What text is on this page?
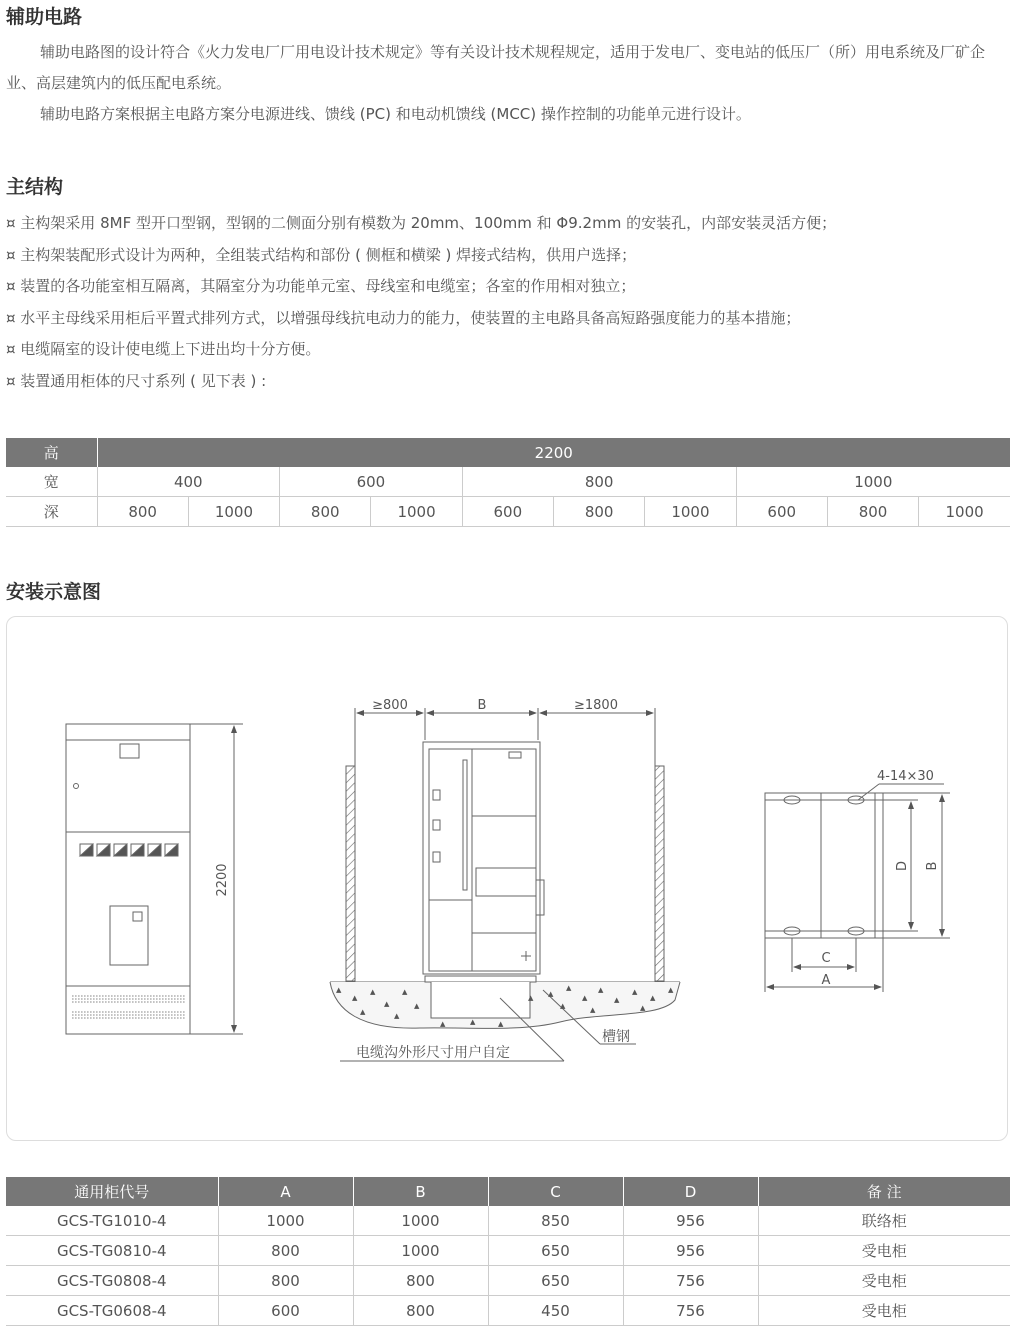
辅助电路

辅助电路图的设计符合《火力发电厂厂用电设计技术规定》等有关设计技术规程规定，适用于发电厂、变电站的低压厂（所）用电系统及厂矿企业、高层建筑内的低压配电系统。

辅助电路方案根据主电路方案分电源进线、馈线 (PC) 和电动机馈线 (MCC) 操作控制的功能单元进行设计。

主结构
¤ 主构架采用 8MF 型开口型钢，型钢的二侧面分别有模数为 20mm、100mm 和 Φ9.2mm 的安装孔，内部安装灵活方便；
¤ 主构架装配形式设计为两种，全组装式结构和部份 ( 侧框和横梁 ) 焊接式结构，供用户选择；
¤ 装置的各功能室相互隔离，其隔室分为功能单元室、母线室和电缆室；各室的作用相对独立；
¤ 水平主母线采用柜后平置式排列方式，以增强母线抗电动力的能力，使装置的主电路具备高短路强度能力的基本措施；
¤ 电缆隔室的设计使电缆上下进出均十分方便。
¤ 装置通用柜体的尺寸系列 ( 见下表 ) :
高	2200									
宽	400		600		800			1000		
深	800	1000	800	1000	600	800	1000	600	800	1000
安装示意图
2200
▲
▲
▲
▲
▲
▲	▲
▲
▲	▲	▲
▲
▲
▲
▲
▲
▲
▲
▲
▲	▲	▲
▲
≥800	B	≥1800
槽钢
电缆沟外形尺寸用户自定
4-14×30
D B
C
A
通用柜代号	A	B	C	D	备 注
GCS-TG1010-4	1000	1000	850	956	联络柜
GCS-TG0810-4	800	1000	650	956	受电柜
GCS-TG0808-4	800	800	650	756	受电柜
GCS-TG0608-4	600	800	450	756	受电柜
